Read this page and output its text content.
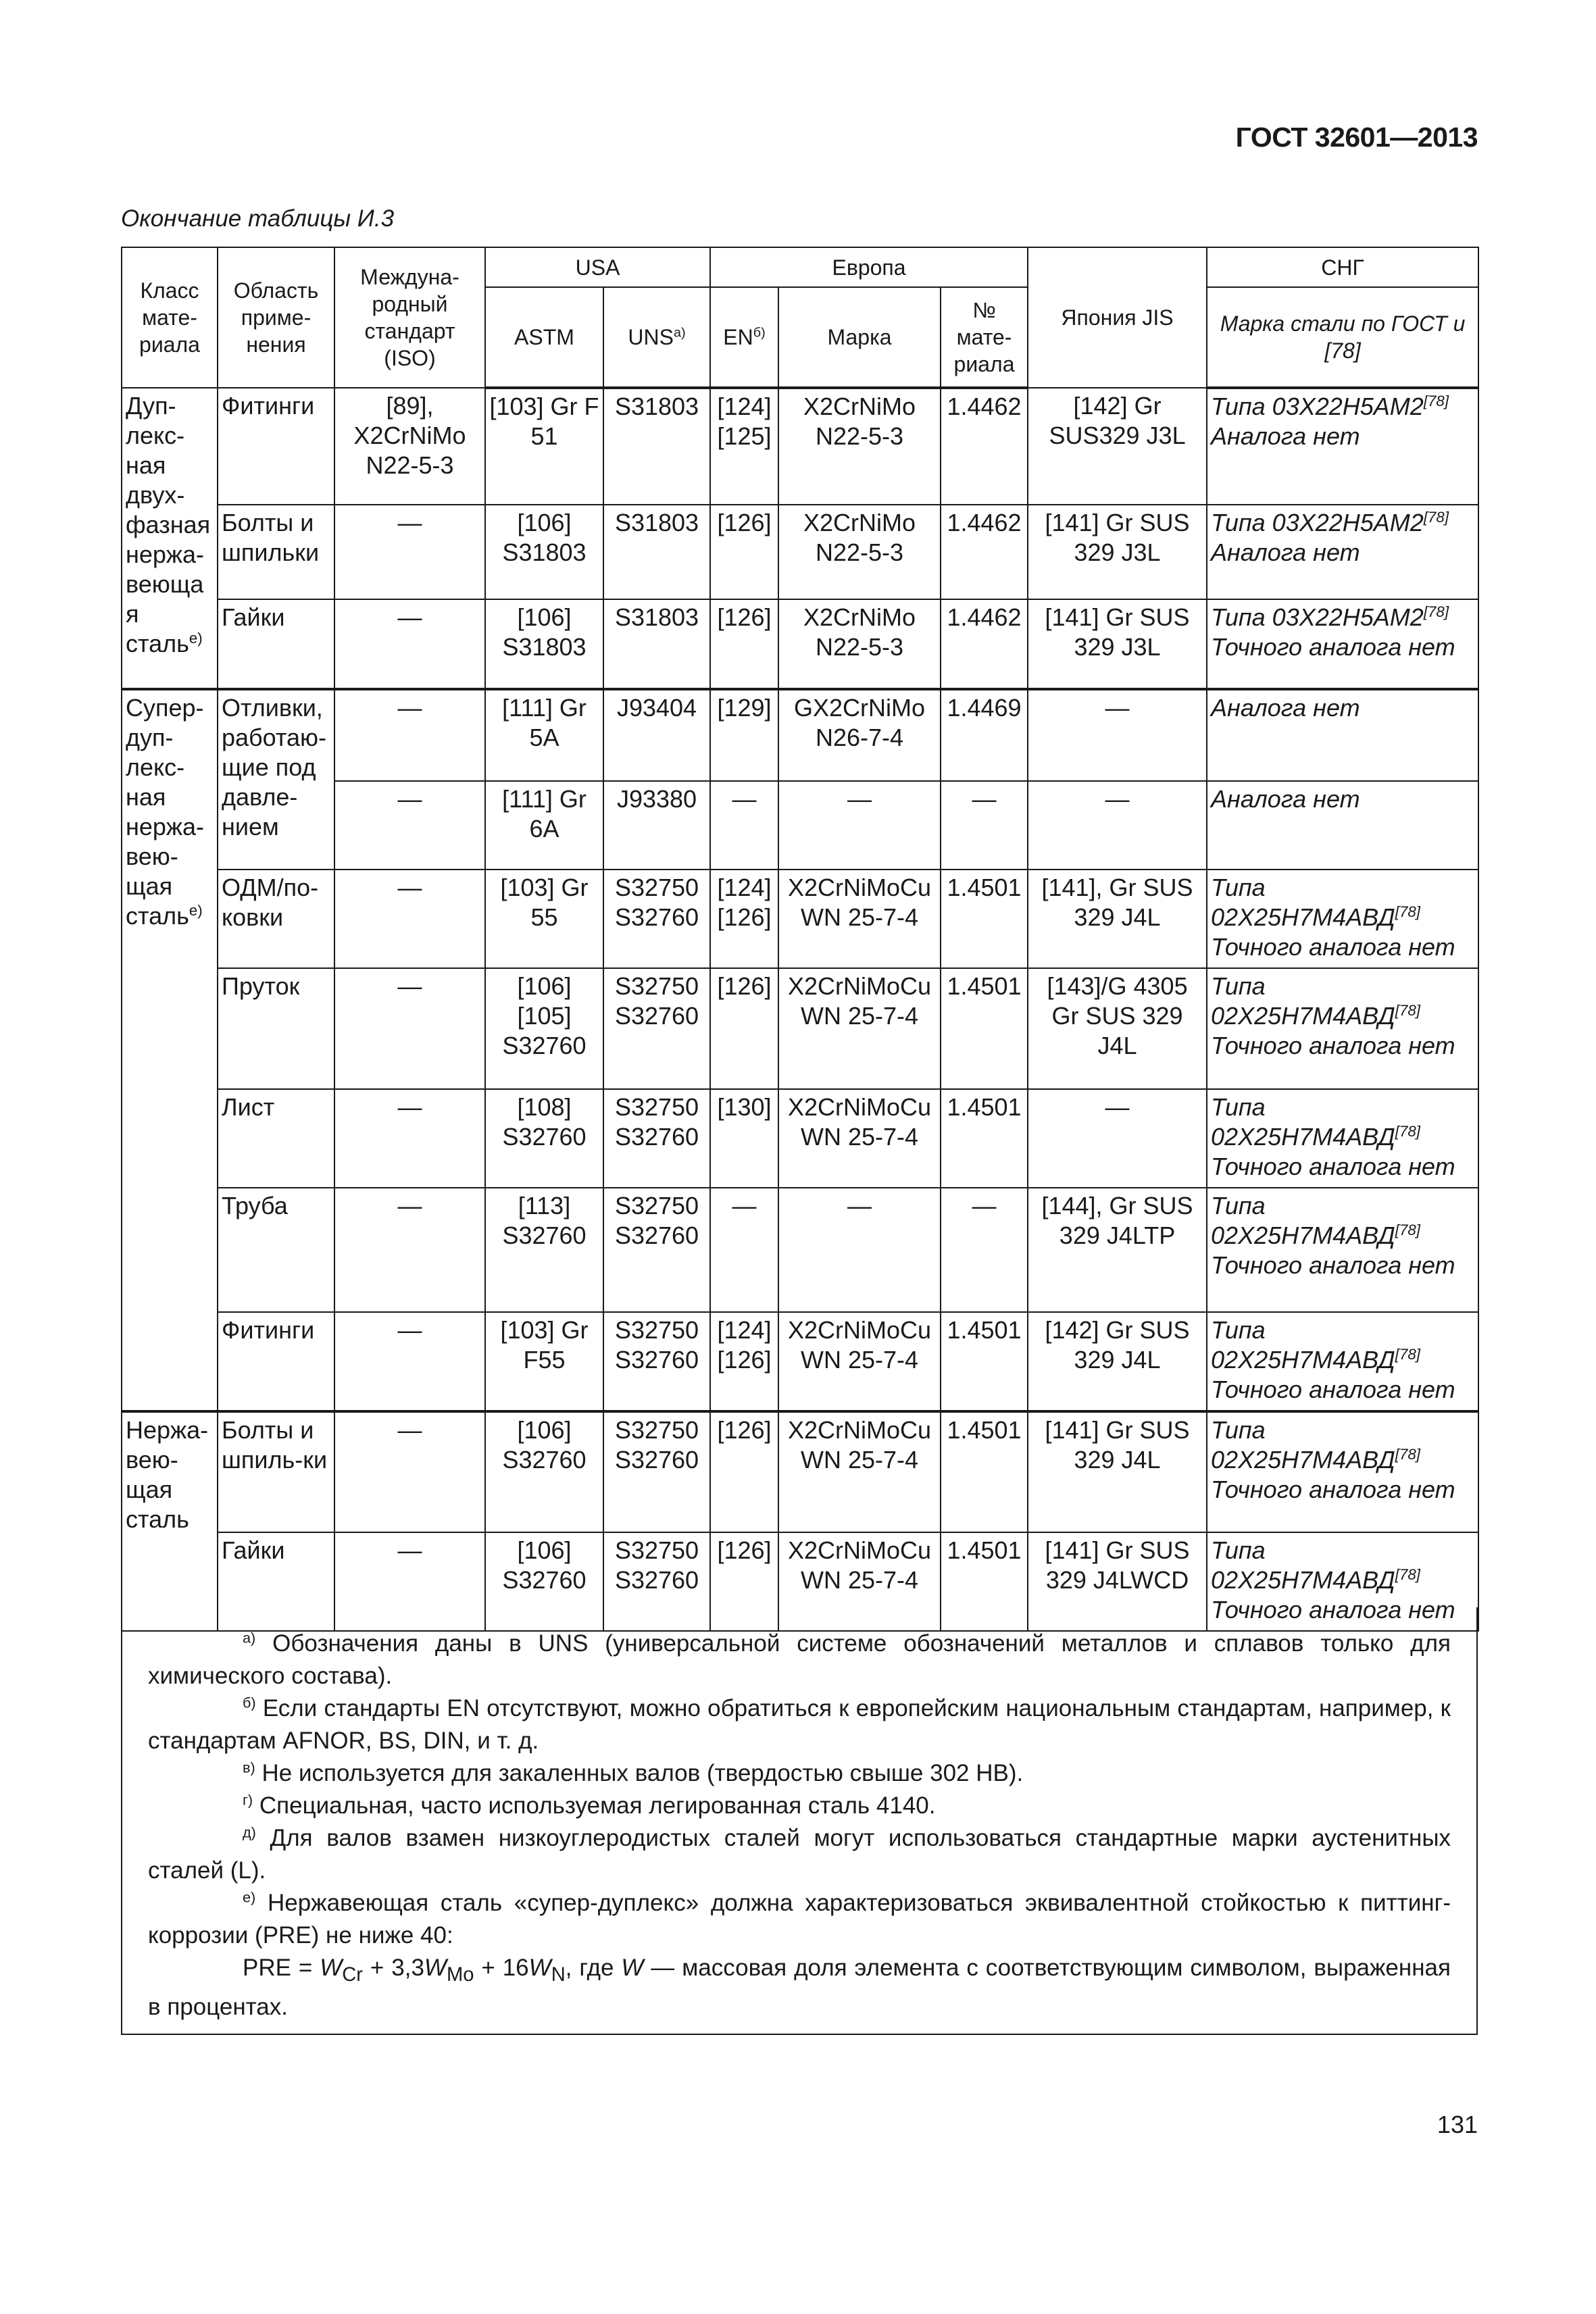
ГОСТ 32601—2013
Окончание таблицы И.3
Класс мате-риала	Область приме-нения	Междуна-родный стандарт (ISO)	USA		Европа			Япония JIS	СНГ
			ASTM	$UNS^{а)}$	$EN^{б)}$	Марка	№ мате-риала		Марка стали по ГОСТ и [78]
Дуп-лекс-ная двух-фазная нержа-веющая сталь$^{е)}$	Фитинги	[89], X2CrNiMo N22-5-3	[103] Gr F 51	S31803	[124] [125]	X2CrNiMo N22-5-3	1.4462	[142] Gr SUS329 J3L	Типа 03Х22Н5АМ2[78]
Аналога нет

	Болты и шпильки	—	[106] S31803	S31803	[126]	X2CrNiMo N22-5-3	1.4462	[141] Gr SUS 329 J3L	Типа 03Х22Н5АМ2[78]
Аналога нет

	Гайки	—	[106] S31803	S31803	[126]	X2CrNiMo N22-5-3	1.4462	[141] Gr SUS 329 J3L	Типа 03Х22Н5АМ2[78]
Точного аналога нет

Супер-дуп-лекс-ная нержа-вею-щая сталь$^{е)}$	Отливки, работаю-щие под давле-нием	—	[111] Gr 5A	J93404	[129]	GX2CrNiMo N26-7-4	1.4469	—	Аналога нет

		—	[111] Gr 6A	J93380	—	—	—	—	Аналога нет

	ОДМ/по-ковки	—	[103] Gr 55	S32750 S32760	[124] [126]	X2CrNiMoCu WN 25-7-4	1.4501	[141], Gr SUS 329 J4L	Типа 02Х25Н7М4АВД[78]
Точного аналога нет

	Пруток	—	[106] [105] S32760	S32750 S32760	[126]	X2CrNiMoCu WN 25-7-4	1.4501	[143]/G 4305 Gr SUS 329 J4L	Типа 02Х25Н7М4АВД[78]
Точного аналога нет

	Лист	—	[108] S32760	S32750 S32760	[130]	X2CrNiMoCu WN 25-7-4	1.4501	—	Типа 02Х25Н7М4АВД[78]
Точного аналога нет

	Труба	—	[113] S32760	S32750 S32760	—	—	—	[144], Gr SUS 329 J4LTP	Типа 02Х25Н7М4АВД[78]
Точного аналога нет

	Фитинги	—	[103] Gr F55	S32750 S32760	[124] [126]	X2CrNiMoCu WN 25-7-4	1.4501	[142] Gr SUS 329 J4L	Типа 02Х25Н7М4АВД[78]
Точного аналога нет

Нержа-вею-щая сталь	Болты и шпиль-ки	—	[106] S32760	S32750 S32760	[126]	X2CrNiMoCu WN 25-7-4	1.4501	[141] Gr SUS 329 J4L	Типа 02Х25Н7М4АВД[78]
Точного аналога нет

	Гайки	—	[106] S32760	S32750 S32760	[126]	X2CrNiMoCu WN 25-7-4	1.4501	[141] Gr SUS 329 J4LWCD	Типа 02Х25Н7М4АВД[78]
Точного аналога нет

$^{а)}$ Обозначения даны в UNS (универсальной системе обозначений металлов и сплавов только для химического состава).

$^{б)}$ Если стандарты EN отсутствуют, можно обратиться к европейским национальным стандартам, например, к стандартам AFNOR, BS, DIN, и т. д.

$^{в)}$ Не используется для закаленных валов (твердостью свыше 302 НВ).

$^{г)}$ Специальная, часто используемая легированная сталь 4140.

$^{д)}$ Для валов взамен низкоуглеродистых сталей могут использоваться стандартные марки аустенитных сталей (L).

$^{е)}$ Нержавеющая сталь «супер-дуплекс» должна характеризоваться эквивалентной стойкостью к питтинг-коррозии (PRE) не ниже 40:

PRE = $W_{Cr} + 3,3W_{Mo} + 16W_N$, где W — массовая доля элемента с соответствующим символом, выраженная в процентах.

131
